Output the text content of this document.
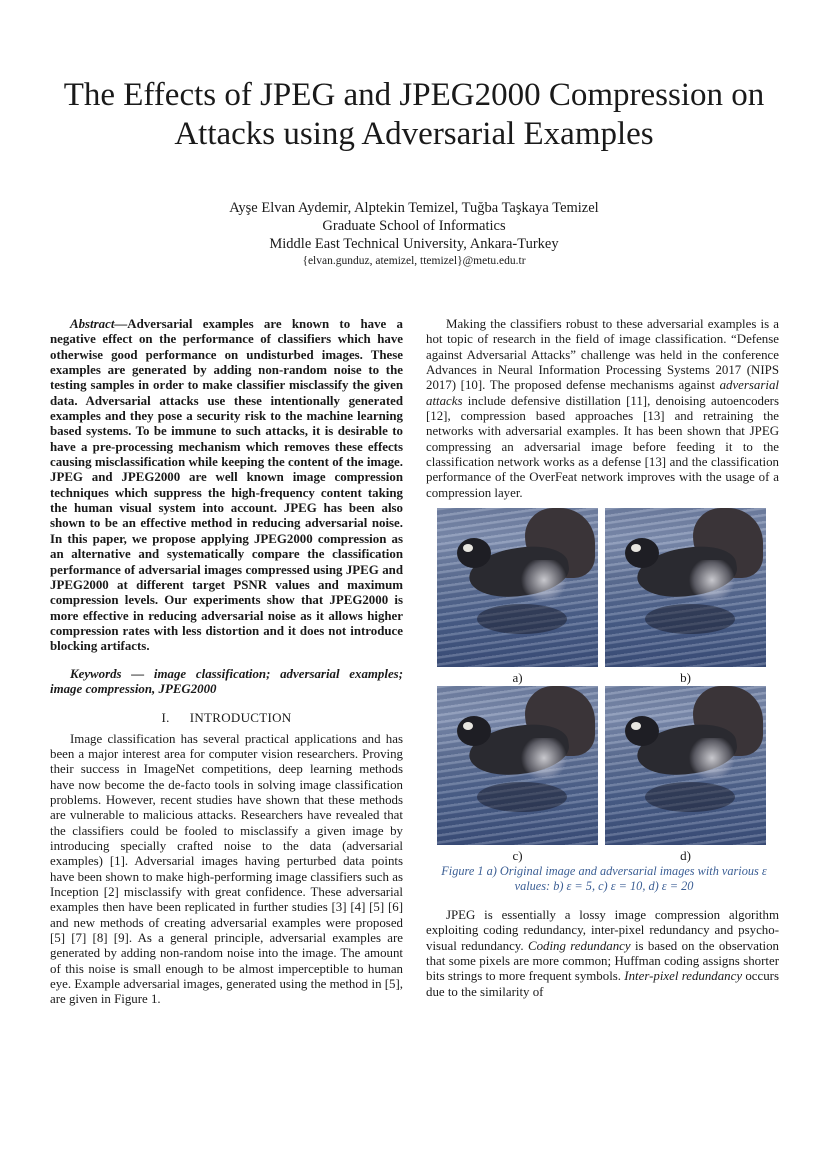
The Effects of JPEG and JPEG2000 Compression on
Attacks using Adversarial Examples
Ayşe Elvan Aydemir, Alptekin Temizel, Tuğba Taşkaya Temizel
Graduate School of Informatics
Middle East Technical University, Ankara-Turkey
{elvan.gunduz, atemizel, ttemizel}@metu.edu.tr

Abstract—Adversarial examples are known to have a negative effect on the performance of classifiers which have otherwise good performance on undisturbed images. These examples are generated by adding non-random noise to the testing samples in order to make classifier misclassify the given data. Adversarial attacks use these intentionally generated examples and they pose a security risk to the machine learning based systems. To be immune to such attacks, it is desirable to have a pre-processing mechanism which removes these effects causing misclassification while keeping the content of the image. JPEG and JPEG2000 are well known image compression techniques which suppress the high-frequency content taking the human visual system into account. JPEG has been also shown to be an effective method in reducing adversarial noise. In this paper, we propose applying JPEG2000 compression as an alternative and systematically compare the classification performance of adversarial images compressed using JPEG and JPEG2000 at different target PSNR values and maximum compression levels. Our experiments show that JPEG2000 is more effective in reducing adversarial noise as it allows higher compression rates with less distortion and it does not introduce blocking artifacts.

Keywords — image classification; adversarial examples; image compression, JPEG2000

I. INTRODUCTION

Image classification has several practical applications and has been a major interest area for computer vision researchers. Proving their success in ImageNet competitions, deep learning methods have now become the de-facto tools in solving image classification problems. However, recent studies have shown that these methods are vulnerable to malicious attacks. Researchers have revealed that the classifiers could be fooled to misclassify a given image by introducing specially crafted noise to the data (adversarial examples) [1]. Adversarial images having perturbed data points have been shown to make high-performing image classifiers such as Inception [2] misclassify with great confidence. These adversarial examples then have been replicated in further studies [3] [4] [5] [6] and new methods of creating adversarial examples were proposed [5] [7] [8] [9]. As a general principle, adversarial examples are generated by adding non-random noise into the image. The amount of this noise is small enough to be almost imperceptible to human eye. Example adversarial images, generated using the method in [5], are given in Figure 1.

Making the classifiers robust to these adversarial examples is a hot topic of research in the field of image classification. “Defense against Adversarial Attacks” challenge was held in the conference Advances in Neural Information Processing Systems 2017 (NIPS 2017) [10]. The proposed defense mechanisms against adversarial attacks include defensive distillation [11], denoising autoencoders [12], compression based approaches [13] and retraining the networks with adversarial examples. It has been shown that JPEG compressing an adversarial image before feeding it to the classification network works as a defense [13] and the classification performance of the OverFeat network improves with the usage of a compression layer.

a)	b)
c)	d)
Figure 1 a) Original image and adversarial images with various ε values: b) ε = 5, c) ε = 10, d) ε = 20

JPEG is essentially a lossy image compression algorithm exploiting coding redundancy, inter-pixel redundancy and psycho-visual redundancy. Coding redundancy is based on the observation that some pixels are more common; Huffman coding assigns shorter bits strings to more frequent symbols. Inter-pixel redundancy occurs due to the similarity of
